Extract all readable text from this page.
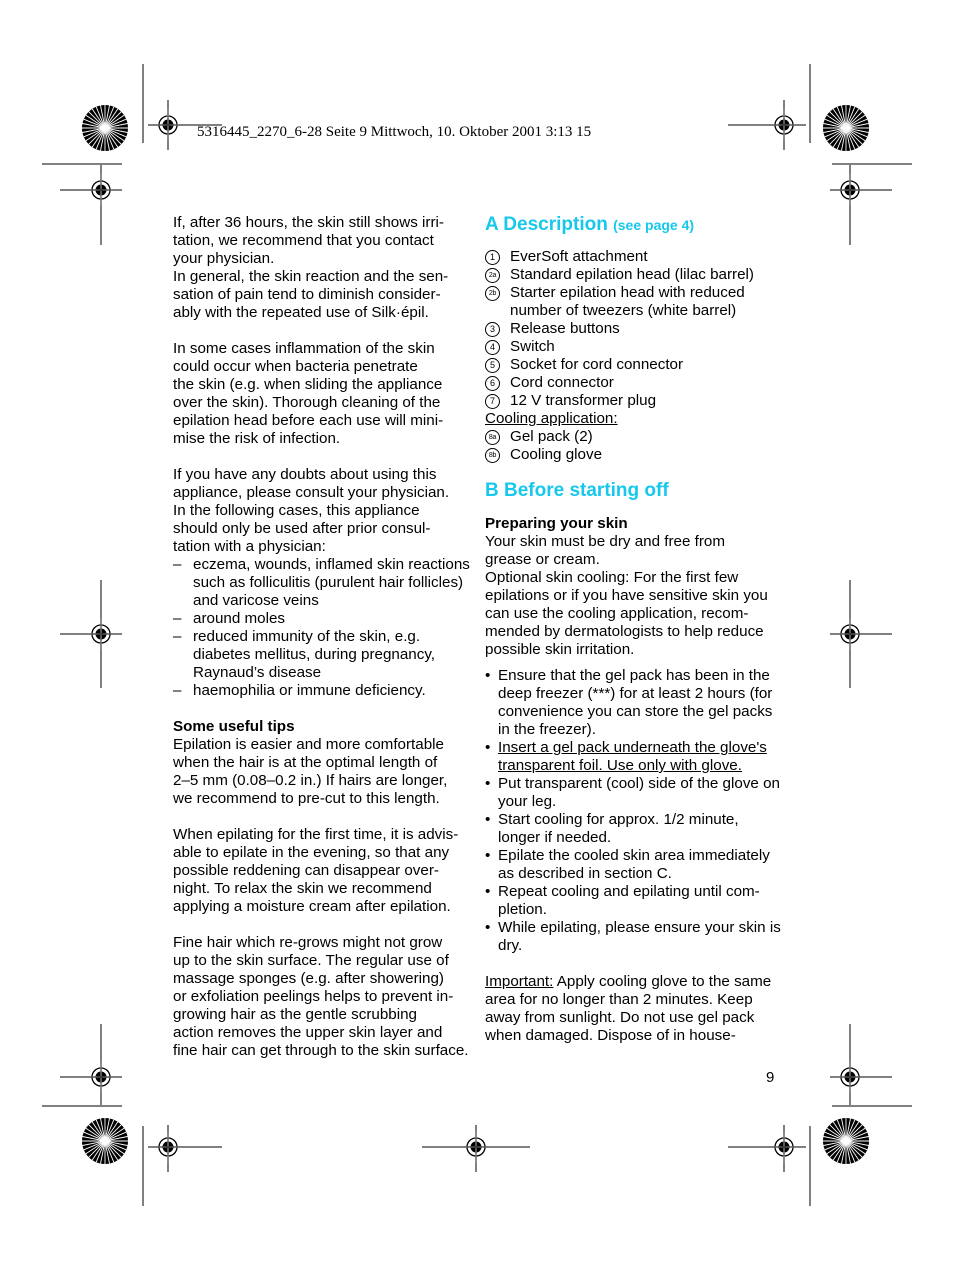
5316445_2270_6-28 Seite 9 Mittwoch, 10. Oktober 2001 3:13 15

If, after 36 hours, the skin still shows irri-
tation, we recommend that you contact
your physician.

In general, the skin reaction and the sen-
sation of pain tend to diminish consider-
ably with the repeated use of Silk·épil.

In some cases inflammation of the skin
could occur when bacteria penetrate
the skin (e.g. when sliding the appliance
over the skin). Thorough cleaning of the
epilation head before each use will mini-
mise the risk of infection.

If you have any doubts about using this
appliance, please consult your physician.
In the following cases, this appliance
should only be used after prior consul-
tation with a physician:

– eczema, wounds, inflamed skin reactions such as folliculitis (purulent hair follicles) and varicose veins
– around moles
– reduced immunity of the skin, e.g. diabetes mellitus, during pregnancy, Raynaud’s disease
– haemophilia or immune deficiency.

Some useful tips

Epilation is easier and more comfortable
when the hair is at the optimal length of
2–5 mm (0.08–0.2 in.) If hairs are longer,
we recommend to pre-cut to this length.

When epilating for the first time, it is advis-
able to epilate in the evening, so that any
possible reddening can disappear over-
night. To relax the skin we recommend
applying a moisture cream after epilation.

Fine hair which re-grows might not grow
up to the skin surface. The regular use of
massage sponges (e.g. after showering)
or exfoliation peelings helps to prevent in-
growing hair as the gentle scrubbing
action removes the upper skin layer and
fine hair can get through to the skin surface.

A Description (see page 4)

1 EverSoft attachment
2a Standard epilation head (lilac barrel)
2b Starter epilation head with reduced number of tweezers (white barrel)
3 Release buttons
4 Switch
5 Socket for cord connector
6 Cord connector
7 12 V transformer plug

Cooling application:

8a Gel pack (2)
8b Cooling glove

B Before starting off

Preparing your skin

Your skin must be dry and free from
grease or cream.
Optional skin cooling: For the first few
epilations or if you have sensitive skin you
can use the cooling application, recom-
mended by dermatologists to help reduce
possible skin irritation.

• Ensure that the gel pack has been in the deep freezer (***) for at least 2 hours (for convenience you can store the gel packs in the freezer).
• Insert a gel pack underneath the glove's transparent foil. Use only with glove.
• Put transparent (cool) side of the glove on your leg.
• Start cooling for approx. 1/2 minute, longer if needed.
• Epilate the cooled skin area immediately as described in section C.
• Repeat cooling and epilating until com-pletion.
• While epilating, please ensure your skin is dry.

Important: Apply cooling glove to the same area for no longer than 2 minutes. Keep away from sunlight. Do not use gel pack when damaged. Dispose of in house-

9
